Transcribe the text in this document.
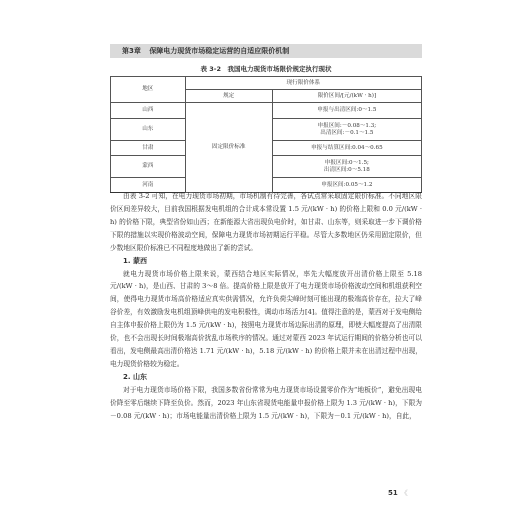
第3章 保障电力现货市场稳定运营的自适应限价机制
表 3-2　我国电力现货市场限价规定执行现状
地区	现行限价体系	
	规定	限价区间/[元/(kW · h)]
山西	固定限价标准	申报与出清区间:0～1.5
山东		申报区间:－0.08～1.3;
出清区间:－0.1～1.5

甘肃		申报与结算区间:0.04～0.65
蒙西		申报区间:0～1.5;
出清区间:0～5.18

河南		申报区间:0.05～1.2

由表 3-2 可知，在电力现货市场初期，市场机制有待完善，各试点常采取固定限价标准。不同地区限价区间差异较大，目前我国根据发电机组的合计成本常设置 1.5 元/(kW · h) 的价格上限和 0.0 元/(kW · h) 的价格下限，典型省份如山西；在新能源大省出现负电价时，如甘肃、山东等，则采取进一步下调价格下限的措施以实现价格波动空间，保障电力现货市场初期运行平稳。尽管大多数地区仍采用固定限价，但少数地区限价标准已不同程度地做出了新的尝试。

1. 蒙西

就电力现货市场价格上限来说，蒙西结合地区实际情况，率先大幅度放开出清价格上限至 5.18 元/(kW · h)，是山西、甘肃的 3～8 倍。提高价格上限是放开了电力现货市场价格波动空间和机组获利空间，使得电力现货市场高价格适应真实供需情况，允许负荷尖峰时刻可能出现的极端高价存在，拉大了峰谷价差，有效激励发电机组顶峰供电的发电积极性，调动市场活力[4]。值得注意的是，蒙西对于发电侧给自主体申报价格上限仍为 1.5 元/(kW · h)，按照电力现货市场边际出清的原理，即使大幅度提高了出清限价，也不会出现长时间极端高价扰乱市场秩序的情况。通过对蒙西 2023 年试运行期间的价格分析也可以看出，发电侧最高出清价格达 1.71 元/(kW · h)，5.18 元/(kW · h) 的价格上限并未在出清过程中出现，电力现货价格较为稳定。

2. 山东

对于电力现货市场价格下限，我国多数省份常常为电力现货市场设置零价作为“地板价”，避免出现电价降至零后继续下降至负价。然而，2023 年山东省现货电能量申报价格上限为 1.3 元/(kW · h)，下限为－0.08 元/(kW · h)；市场电能量出清价格上限为 1.5 元/(kW · h)，下限为－0.1 元/(kW · h)，自此，

51 《
